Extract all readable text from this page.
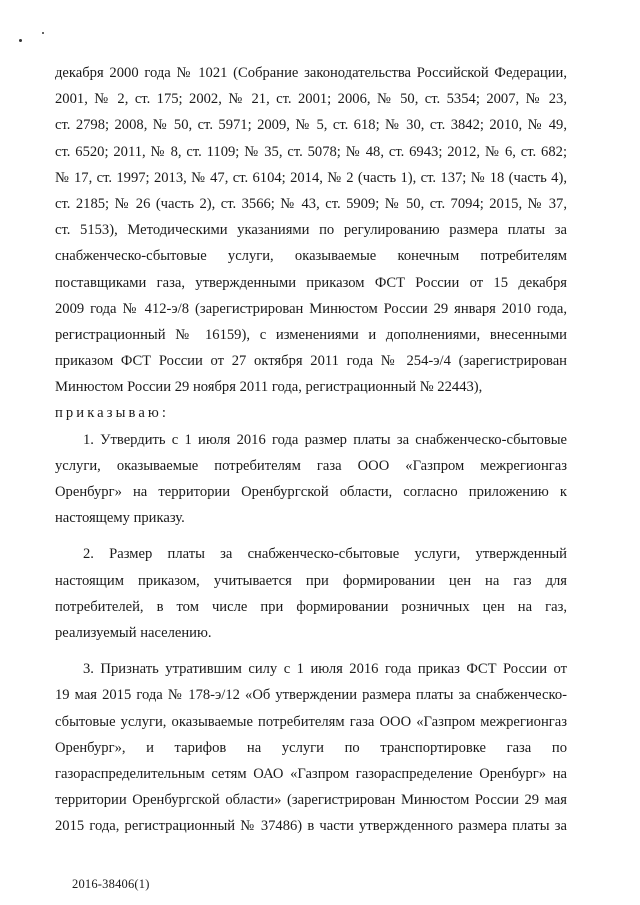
декабря 2000 года № 1021 (Собрание законодательства Российской Федерации,
2001, № 2, ст. 175; 2002, № 21, ст. 2001; 2006, № 50, ст. 5354; 2007, № 23,
ст. 2798; 2008, № 50, ст. 5971; 2009, № 5, ст. 618; № 30, ст. 3842; 2010, № 49,
ст. 6520; 2011, № 8, ст. 1109; № 35, ст. 5078; № 48, ст. 6943; 2012, № 6, ст. 682;
№ 17, ст. 1997; 2013, № 47, ст. 6104; 2014, № 2 (часть 1), ст. 137; № 18 (часть 4),
ст. 2185; № 26 (часть 2), ст. 3566; № 43, ст. 5909; № 50, ст. 7094; 2015, № 37,
ст. 5153), Методическими указаниями по регулированию размера платы за
снабженческо-сбытовые услуги, оказываемые конечным потребителям
поставщиками газа, утвержденными приказом ФСТ России от 15 декабря
2009 года № 412-э/8 (зарегистрирован Минюстом России 29 января 2010 года,
регистрационный № 16159), с изменениями и дополнениями, внесенными
приказом ФСТ России от 27 октября 2011 года № 254-э/4 (зарегистрирован
Минюстом России 29 ноября 2011 года, регистрационный № 22443),
приказываю:
1. Утвердить с 1 июля 2016 года размер платы за снабженческо-сбытовые
услуги, оказываемые потребителям газа ООО «Газпром межрегионгаз
Оренбург» на территории Оренбургской области, согласно приложению к
настоящему приказу.
2. Размер платы за снабженческо-сбытовые услуги, утвержденный
настоящим приказом, учитывается при формировании цен на газ для
потребителей, в том числе при формировании розничных цен на газ,
реализуемый населению.
3. Признать утратившим силу с 1 июля 2016 года приказ ФСТ России от
19 мая 2015 года № 178-э/12 «Об утверждении размера платы за снабженческо-
сбытовые услуги, оказываемые потребителям газа ООО «Газпром межрегионгаз
Оренбург», и тарифов на услуги по транспортировке газа по
газораспределительным сетям ОАО «Газпром газораспределение Оренбург» на
территории Оренбургской области» (зарегистрирован Минюстом России 29 мая
2015 года, регистрационный № 37486) в части утвержденного размера платы за
2016-38406(1)
